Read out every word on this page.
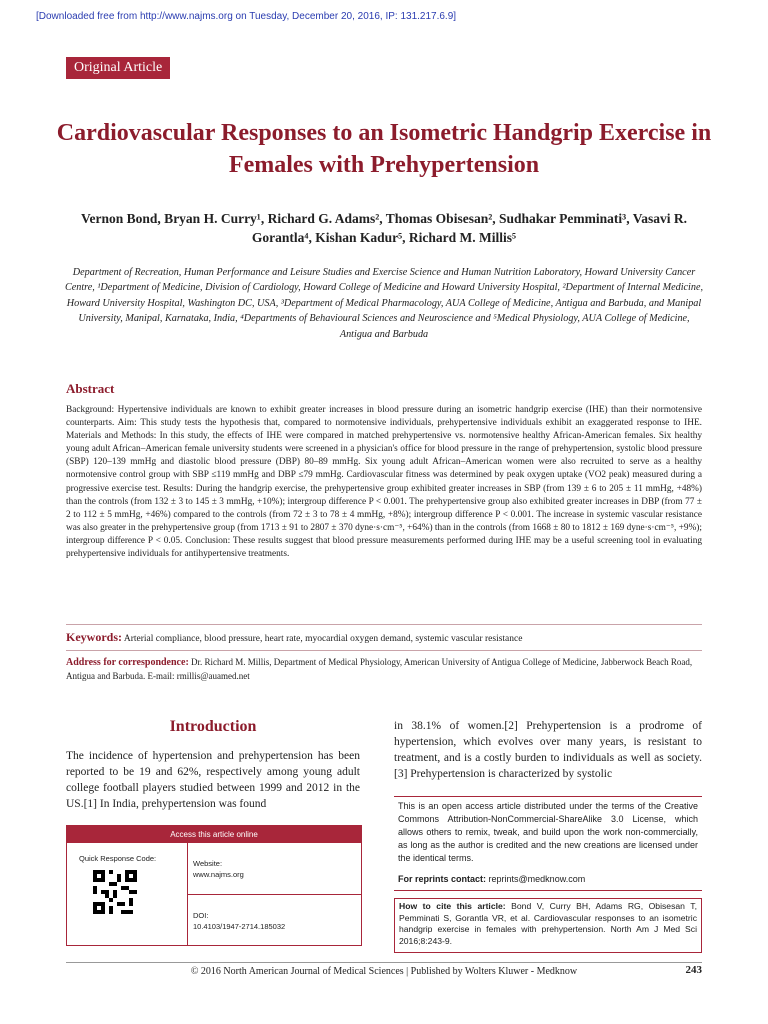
[Downloaded free from http://www.najms.org on Tuesday, December 20, 2016, IP: 131.217.6.9]
Original Article
Cardiovascular Responses to an Isometric Handgrip Exercise in Females with Prehypertension
Vernon Bond, Bryan H. Curry¹, Richard G. Adams², Thomas Obisesan², Sudhakar Pemminati³, Vasavi R. Gorantla⁴, Kishan Kadur⁵, Richard M. Millis⁵
Department of Recreation, Human Performance and Leisure Studies and Exercise Science and Human Nutrition Laboratory, Howard University Cancer Centre, ¹Department of Medicine, Division of Cardiology, Howard College of Medicine and Howard University Hospital, ²Department of Internal Medicine, Howard University Hospital, Washington DC, USA, ³Department of Medical Pharmacology, AUA College of Medicine, Antigua and Barbuda, and Manipal University, Manipal, Karnataka, India, ⁴Departments of Behavioural Sciences and Neuroscience and ⁵Medical Physiology, AUA College of Medicine, Antigua and Barbuda
Abstract
Background: Hypertensive individuals are known to exhibit greater increases in blood pressure during an isometric handgrip exercise (IHE) than their normotensive counterparts. Aim: This study tests the hypothesis that, compared to normotensive individuals, prehypertensive individuals exhibit an exaggerated response to IHE. Materials and Methods: In this study, the effects of IHE were compared in matched prehypertensive vs. normotensive healthy African‑American females. Six healthy young adult African–American female university students were screened in a physician's office for blood pressure in the range of prehypertension, systolic blood pressure (SBP) 120–139 mmHg and diastolic blood pressure (DBP) 80–89 mmHg. Six young adult African–American women were also recruited to serve as a healthy normotensive control group with SBP ≤119 mmHg and DBP ≤79 mmHg. Cardiovascular fitness was determined by peak oxygen uptake (VO2 peak) measured during a progressive exercise test. Results: During the handgrip exercise, the prehypertensive group exhibited greater increases in SBP (from 139 ± 6 to 205 ± 11 mmHg, +48%) than the controls (from 132 ± 3 to 145 ± 3 mmHg, +10%); intergroup difference P < 0.001. The prehypertensive group also exhibited greater increases in DBP (from 77 ± 2 to 112 ± 5 mmHg, +46%) compared to the controls (from 72 ± 3 to 78 ± 4 mmHg, +8%); intergroup difference P < 0.001. The increase in systemic vascular resistance was also greater in the prehypertensive group (from 1713 ± 91 to 2807 ± 370 dyne·s·cm⁻⁵, +64%) than in the controls (from 1668 ± 80 to 1812 ± 169 dyne·s·cm⁻⁵, +9%); intergroup difference P < 0.05. Conclusion: These results suggest that blood pressure measurements performed during IHE may be a useful screening tool in evaluating prehypertensive individuals for antihypertensive treatments.
Keywords: Arterial compliance, blood pressure, heart rate, myocardial oxygen demand, systemic vascular resistance
Address for correspondence: Dr. Richard M. Millis, Department of Medical Physiology, American University of Antigua College of Medicine, Jabberwock Beach Road, Antigua and Barbuda. E-mail: rmillis@auamed.net
Introduction
The incidence of hypertension and prehypertension has been reported to be 19 and 62%, respectively among young adult college football players studied between 1999 and 2012 in the US.[1] In India, prehypertension was found
in 38.1% of women.[2] Prehypertension is a prodrome of hypertension, which evolves over many years, is resistant to treatment, and is a costly burden to individuals as well as society.[3] Prehypertension is characterized by systolic
Access this article online
Quick Response Code:
Website:
www.najms.org
DOI:
10.4103/1947-2714.185032
This is an open access article distributed under the terms of the Creative Commons Attribution-NonCommercial-ShareAlike 3.0 License, which allows others to remix, tweak, and build upon the work non-commercially, as long as the author is credited and the new creations are licensed under the identical terms.
For reprints contact: reprints@medknow.com
How to cite this article: Bond V, Curry BH, Adams RG, Obisesan T, Pemminati S, Gorantla VR, et al. Cardiovascular responses to an isometric handgrip exercise in females with prehypertension. North Am J Med Sci 2016;8:243-9.
© 2016 North American Journal of Medical Sciences | Published by Wolters Kluwer - Medknow	243
